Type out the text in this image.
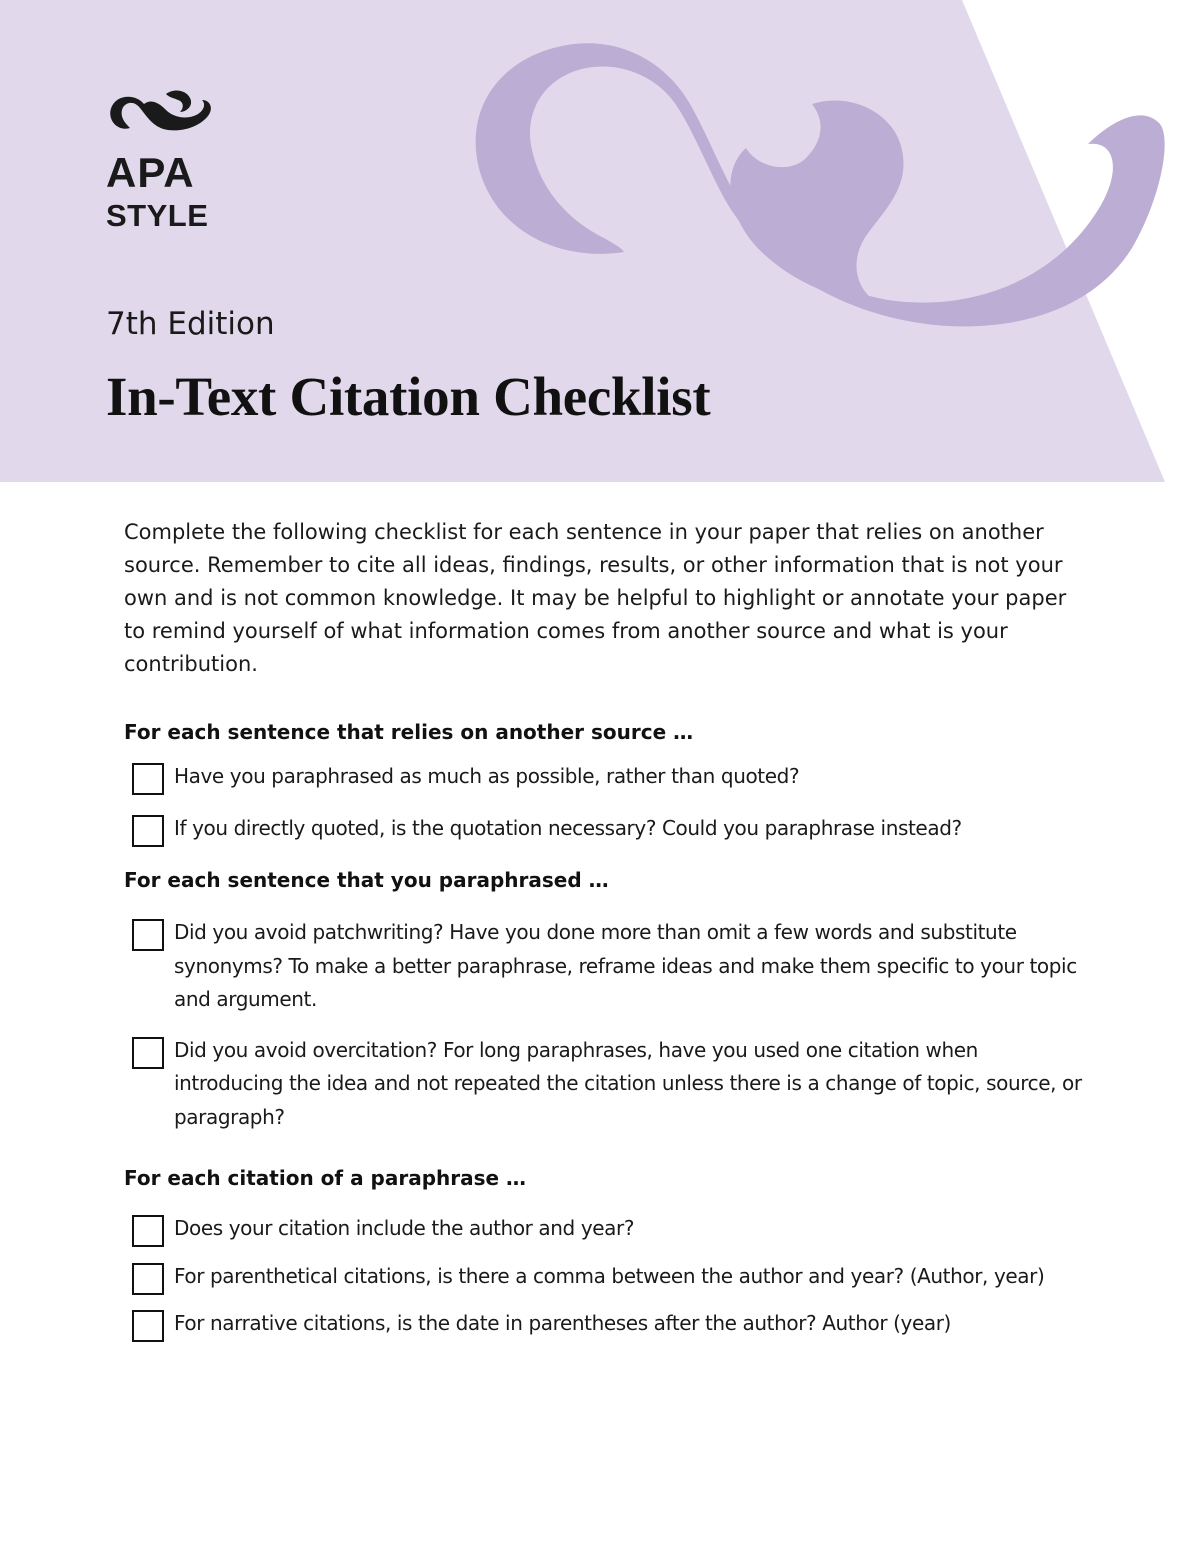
APA
STYLE
7th Edition
In-Text Citation Checklist

Complete the following checklist for each sentence in your paper that relies on another source. Remember to cite all ideas, findings, results, or other information that is not your own and is not common knowledge. It may be helpful to highlight or annotate your paper to remind yourself of what information comes from another source and what is your contribution.

For each sentence that relies on another source …
Have you paraphrased as much as possible, rather than quoted?
If you directly quoted, is the quotation necessary? Could you paraphrase instead?
For each sentence that you paraphrased …
Did you avoid patchwriting? Have you done more than omit a few words and substitute synonyms? To make a better paraphrase, reframe ideas and make them specific to your topic and argument.
Did you avoid overcitation? For long paraphrases, have you used one citation when introducing the idea and not repeated the citation unless there is a change of topic, source, or paragraph?
For each citation of a paraphrase …
Does your citation include the author and year?
For parenthetical citations, is there a comma between the author and year? (Author, year)
For narrative citations, is the date in parentheses after the author? Author (year)
